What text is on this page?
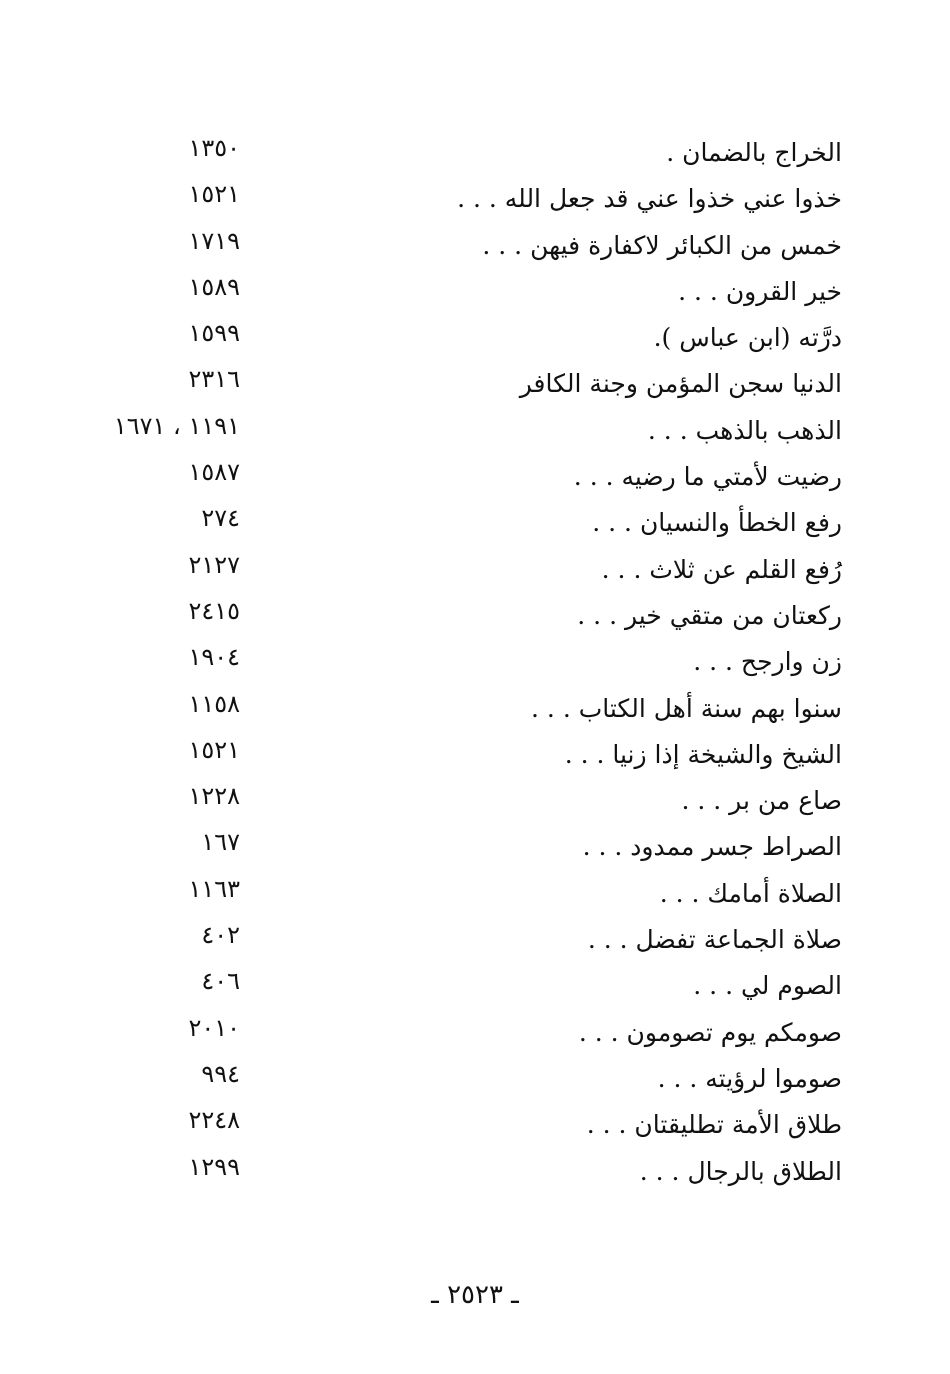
الخراج بالضمان .
١٣٥٠
خذوا عني خذوا عني قد جعل الله . . .
١٥٢١
خمس من الكبائر لاكفارة فيهن . . .
١٧١٩
خير القرون . . .
١٥٨٩
درَّته (ابن عباس ).
١٥٩٩
الدنيا سجن المؤمن وجنة الكافر
٢٣١٦
الذهب بالذهب . . .
١١٩١ ، ١٦٧١
رضيت لأمتي ما رضيه . . .
١٥٨٧
رفع الخطأ والنسيان . . .
٢٧٤
رُفع القلم عن ثلاث . . .
٢١٢٧
ركعتان من متقي خير . . .
٢٤١٥
زن وارجح . . .
١٩٠٤
سنوا بهم سنة أهل الكتاب . . .
١١٥٨
الشيخ والشيخة إذا زنيا . . .
١٥٢١
صاع من بر . . .
١٢٢٨
الصراط جسر ممدود . . .
١٦٧
الصلاة أمامك . . .
١١٦٣
صلاة الجماعة تفضل . . .
٤٠٢
الصوم لي . . .
٤٠٦
صومكم يوم تصومون . . .
٢٠١٠
صوموا لرؤيته . . .
٩٩٤
طلاق الأمة تطليقتان . . .
٢٢٤٨
الطلاق بالرجال . . .
١٢٩٩
ـ ٢٥٢٣ ـ
